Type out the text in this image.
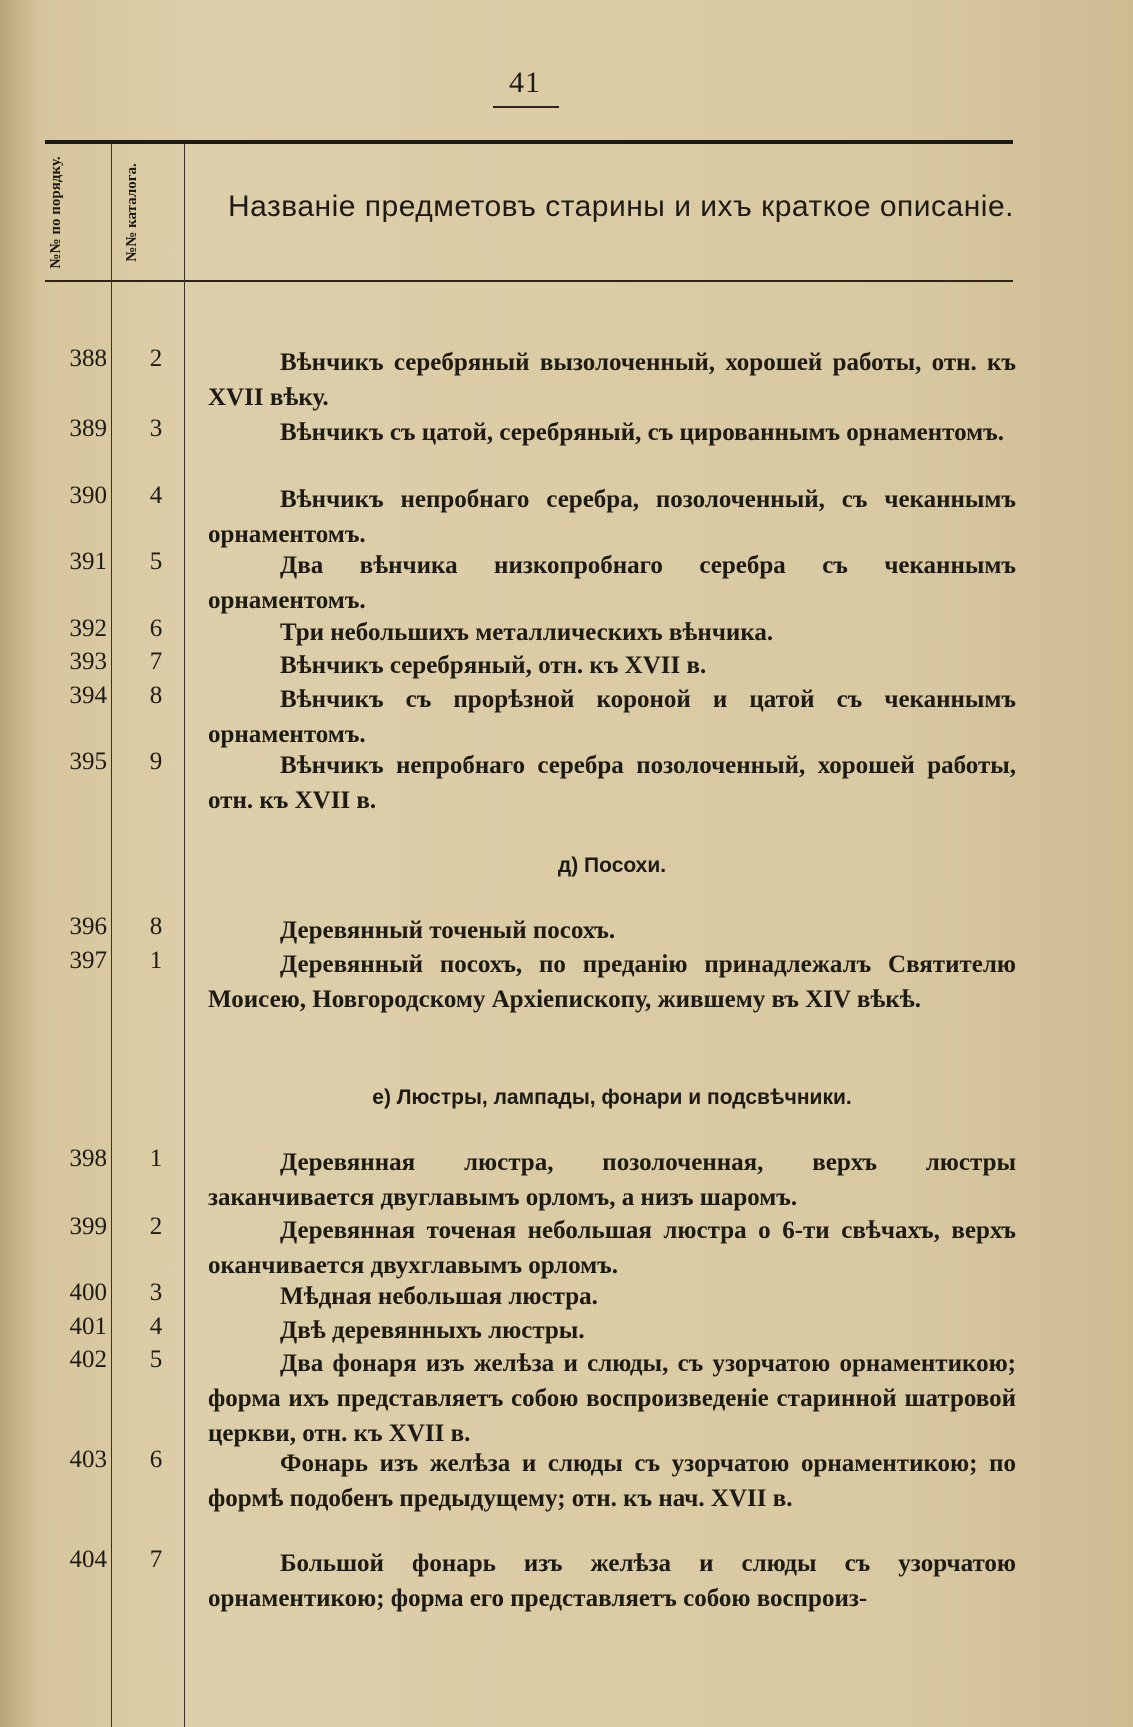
41
№№ по порядку.	№№ каталога.	Названіе предметовъ старины и ихъ краткое описаніе.
388	2	Вѣнчикъ серебряный вызолоченный, хорошей работы, отн. къ XVII вѣку.
389	3	Вѣнчикъ съ цатой, серебряный, съ цированнымъ орнаментомъ.
390	4	Вѣнчикъ непробнаго серебра, позолоченный, съ чеканнымъ орнаментомъ.
391	5	Два вѣнчика низкопробнаго серебра съ чеканнымъ орнаментомъ.
392	6	Три небольшихъ металлическихъ вѣнчика.
393	7	Вѣнчикъ серебряный, отн. къ XVII в.
394	8	Вѣнчикъ съ прорѣзной короной и цатой съ чеканнымъ орнаментомъ.
395	9	Вѣнчикъ непробнаго серебра позолоченный, хорошей работы, отн. къ XVII в.
д) Посохи.
396	8	Деревянный точеный посохъ.
397	1	Деревянный посохъ, по преданію принадлежалъ Святителю Моисею, Новгородскому Архіепископу, жившему въ XIV вѣкѣ.
е) Люстры, лампады, фонари и подсвѣчники.
398	1	Деревянная люстра, позолоченная, верхъ люстры заканчивается двуглавымъ орломъ, а низъ шаромъ.
399	2	Деревянная точеная небольшая люстра о 6-ти свѣчахъ, верхъ оканчивается двухглавымъ орломъ.
400	3	Мѣдная небольшая люстра.
401	4	Двѣ деревянныхъ люстры.
402	5	Два фонаря изъ желѣза и слюды, съ узорчатою орнаментикою; форма ихъ представляетъ собою воспроизведеніе старинной шатровой церкви, отн. къ XVII в.
403	6	Фонарь изъ желѣза и слюды съ узорчатою орнаментикою; по формѣ подобенъ предыдущему; отн. къ нач. XVII в.
404	7	Большой фонарь изъ желѣза и слюды съ узорчатою орнаментикою; форма его представляетъ собою воспроиз-
